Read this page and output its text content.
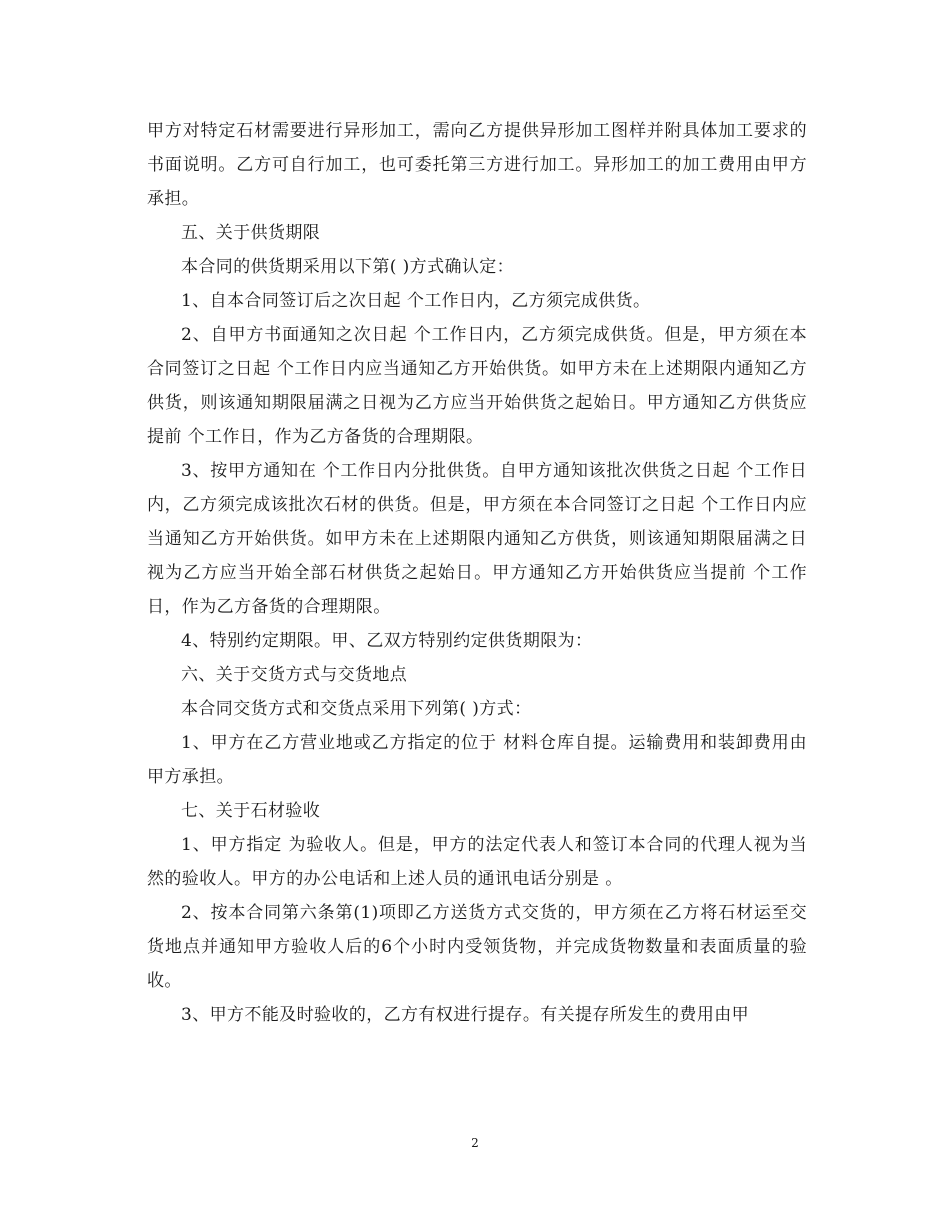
甲方对特定石材需要进行异形加工，需向乙方提供异形加工图样并附具体加工要求的书面说明。乙方可自行加工，也可委托第三方进行加工。异形加工的加工费用由甲方承担。

五、关于供货期限

本合同的供货期采用以下第( )方式确认定：

1、自本合同签订后之次日起 个工作日内，乙方须完成供货。

2、自甲方书面通知之次日起 个工作日内，乙方须完成供货。但是，甲方须在本合同签订之日起 个工作日内应当通知乙方开始供货。如甲方未在上述期限内通知乙方供货，则该通知期限届满之日视为乙方应当开始供货之起始日。甲方通知乙方供货应提前 个工作日，作为乙方备货的合理期限。

3、按甲方通知在 个工作日内分批供货。自甲方通知该批次供货之日起 个工作日内，乙方须完成该批次石材的供货。但是，甲方须在本合同签订之日起 个工作日内应当通知乙方开始供货。如甲方未在上述期限内通知乙方供货，则该通知期限届满之日视为乙方应当开始全部石材供货之起始日。甲方通知乙方开始供货应当提前 个工作日，作为乙方备货的合理期限。

4、特别约定期限。甲、乙双方特别约定供货期限为：

六、关于交货方式与交货地点

本合同交货方式和交货点采用下列第( )方式：

1、甲方在乙方营业地或乙方指定的位于 材料仓库自提。运输费用和装卸费用由甲方承担。

七、关于石材验收

1、甲方指定 为验收人。但是，甲方的法定代表人和签订本合同的代理人视为当然的验收人。甲方的办公电话和上述人员的通讯电话分别是 。

2、按本合同第六条第(1)项即乙方送货方式交货的，甲方须在乙方将石材运至交货地点并通知甲方验收人后的6个小时内受领货物，并完成货物数量和表面质量的验收。

3、甲方不能及时验收的，乙方有权进行提存。有关提存所发生的费用由甲

2
